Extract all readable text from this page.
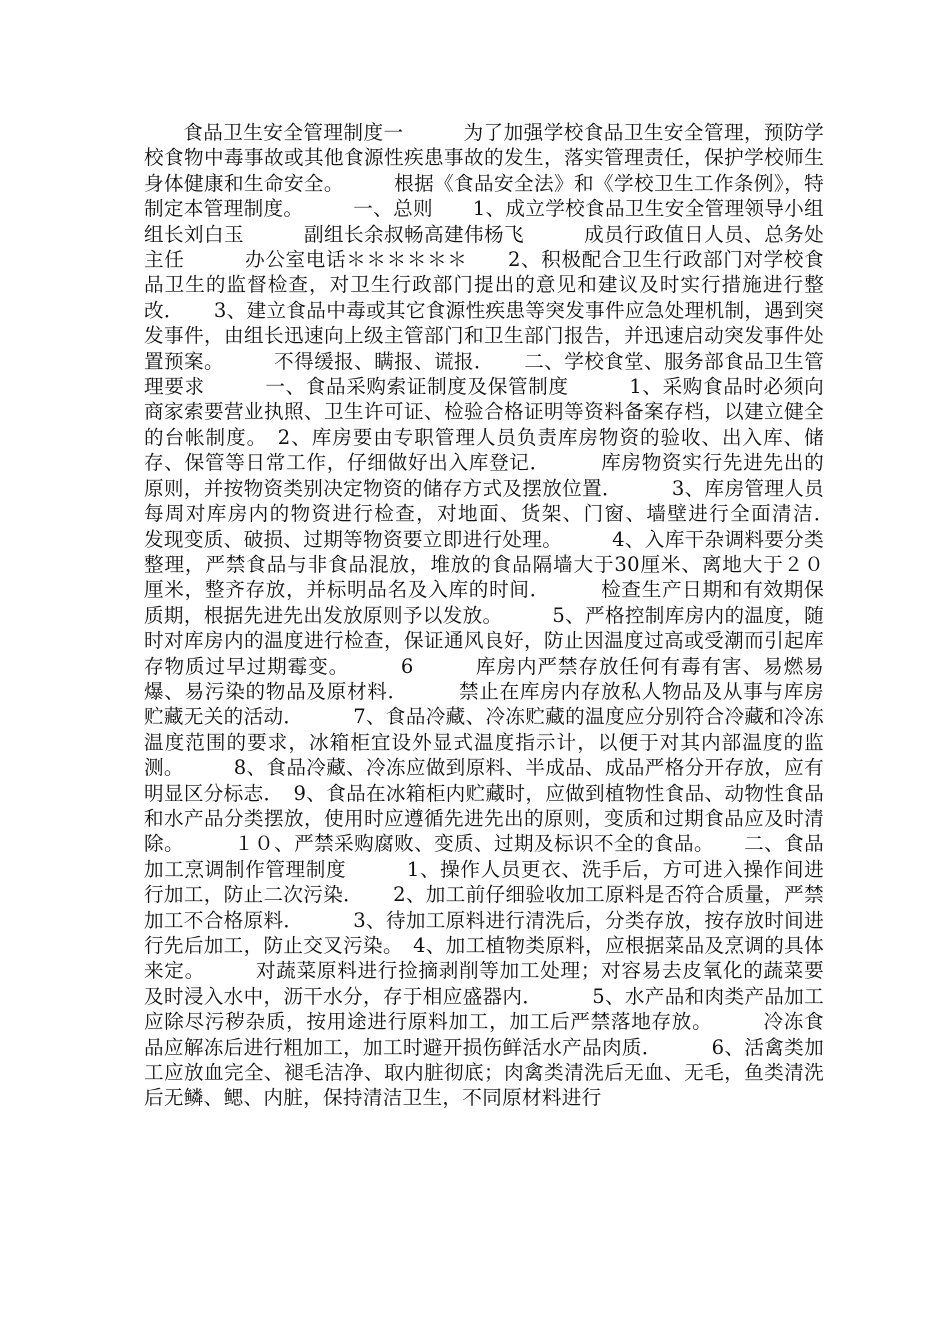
食品卫生安全管理制度一　　　为了加强学校食品卫生安全管理，预防学校食物中毒事故或其他食源性疾患事故的发生，落实管理责任，保护学校师生身体健康和生命安全。　　　根据《食品安全法》和《学校卫生工作条例》，特制定本管理制度。　　　一、总则　　1、成立学校食品卫生安全管理领导小组　　　组长刘白玉　　　副组长余叔畅高建伟杨飞　　　成员行政值日人员、总务处主任　　　办公室电话＊＊＊＊＊＊　　2、积极配合卫生行政部门对学校食品卫生的监督检查，对卫生行政部门提出的意见和建议及时实行措施进行整改．　　3、建立食品中毒或其它食源性疾患等突发事件应急处理机制，遇到突发事件，由组长迅速向上级主管部门和卫生部门报告，并迅速启动突发事件处置预案。　　　不得缓报、瞒报、谎报．　　二、学校食堂、服务部食品卫生管理要求　　　一、食品采购索证制度及保管制度　　　1、采购食品时必须向商家索要营业执照、卫生许可证、检验合格证明等资料备案存档，以建立健全的台帐制度。　2、库房要由专职管理人员负责库房物资的验收、出入库、储存、保管等日常工作，仔细做好出入库登记．　　　库房物资实行先进先出的原则，并按物资类别决定物资的储存方式及摆放位置．　　　3、库房管理人员每周对库房内的物资进行检查，对地面、货架、门窗、墙壁进行全面清洁．　　　发现变质、破损、过期等物资要立即进行处理。　　　4、入库干杂调料要分类整理，严禁食品与非食品混放，堆放的食品隔墙大于30厘米、离地大于２０厘米，整齐存放，并标明品名及入库的时间．　　　检查生产日期和有效期保质期，根据先进先出发放原则予以发放。　　　5、严格控制库房内的温度，随时对库房内的温度进行检查，保证通风良好，防止因温度过高或受潮而引起库存物质过早过期霉变。　　　6　　　库房内严禁存放任何有毒有害、易燃易爆、易污染的物品及原材料．　　　禁止在库房内存放私人物品及从事与库房贮藏无关的活动．　　　7、食品冷藏、冷冻贮藏的温度应分别符合冷藏和冷冻温度范围的要求，冰箱柜宜设外显式温度指示计，以便于对其内部温度的监测。　　　8、食品冷藏、冷冻应做到原料、半成品、成品严格分开存放，应有明显区分标志．　9、食品在冰箱柜内贮藏时，应做到植物性食品、动物性食品和水产品分类摆放，使用时应遵循先进先出的原则，变质和过期食品应及时清除。　　　１０、严禁采购腐败、变质、过期及标识不全的食品。　　二、食品加工烹调制作管理制度　　　1、操作人员更衣、洗手后，方可进入操作间进行加工，防止二次污染．　　2、加工前仔细验收加工原料是否符合质量，严禁加工不合格原料．　　　3、待加工原料进行清洗后，分类存放，按存放时间进行先后加工，防止交叉污染。　4、加工植物类原料，应根据菜品及烹调的具体来定。　　　对蔬菜原料进行捡摘剥削等加工处理；对容易去皮氧化的蔬菜要及时浸入水中，沥干水分，存于相应盛器内．　　　5、水产品和肉类产品加工应除尽污秽杂质，按用途进行原料加工，加工后严禁落地存放。　　　冷冻食品应解冻后进行粗加工，加工时避开损伤鲜活水产品肉质．　　　6、活禽类加工应放血完全、褪毛洁净、取内脏彻底；肉禽类清洗后无血、无毛，鱼类清洗后无鳞、鳃、内脏，保持清洁卫生，不同原材料进行
